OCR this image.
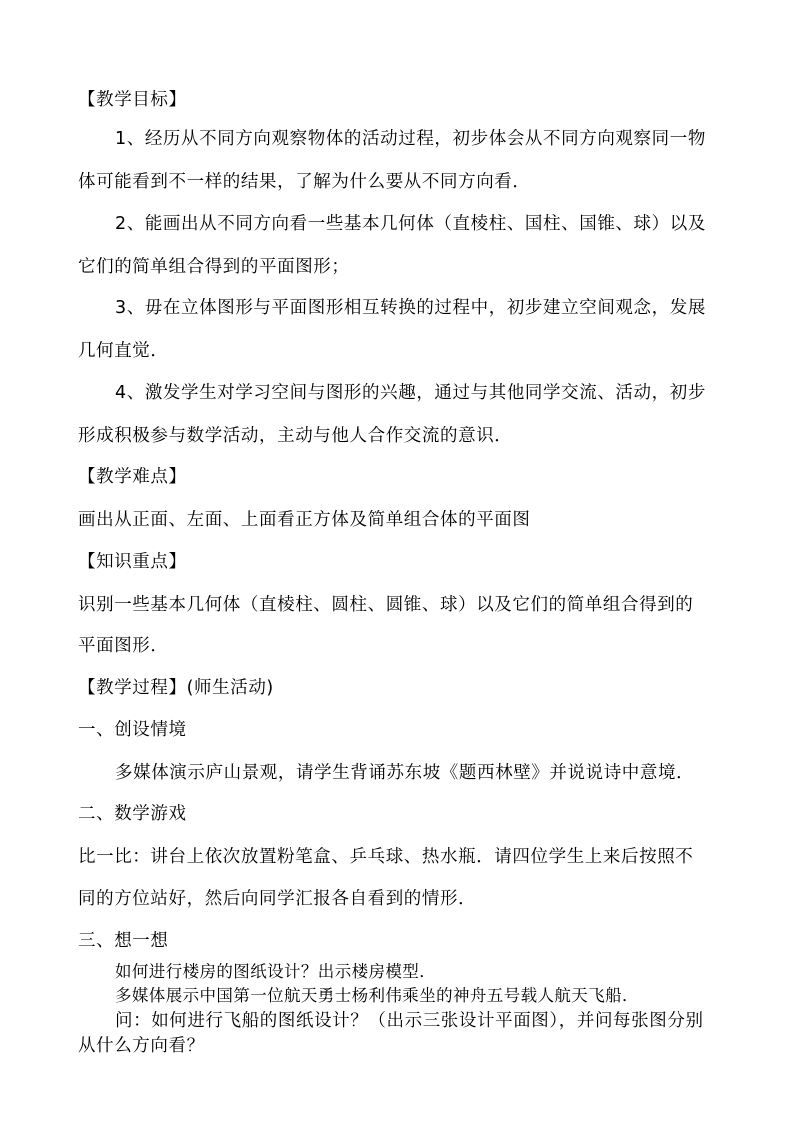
【教学目标】
1、经历从不同方向观察物体的活动过程，初步体会从不同方向观察同一物
体可能看到不一样的结果，了解为什么要从不同方向看．
2、能画出从不同方向看一些基本几何体（直棱柱、国柱、国锥、球）以及
它们的简单组合得到的平面图形；
3、毋在立体图形与平面图形相互转换的过程中，初步建立空间观念，发展
几何直觉．
4、激发学生对学习空间与图形的兴趣，通过与其他同学交流、活动，初步
形成积极参与数学活动，主动与他人合作交流的意识．
【教学难点】
画出从正面、左面、上面看正方体及简单组合体的平面图
【知识重点】
识别一些基本几何体（直棱柱、圆柱、圆锥、球）以及它们的简单组合得到的
平面图形．
【教学过程】(师生活动)
一、创设情境
多媒体演示庐山景观，请学生背诵苏东坡《题西林壁》并说说诗中意境．
二、数学游戏
比一比：讲台上依次放置粉笔盒、乒乓球、热水瓶．请四位学生上来后按照不
同的方位站好，然后向同学汇报各自看到的情形．
三、想一想
如何进行楼房的图纸设计？出示楼房模型．
多媒体展示中国第一位航天勇士杨利伟乘坐的神舟五号载人航天飞船．
问：如何进行飞船的图纸设计？（出示三张设计平面图），并问每张图分别
从什么方向看？
